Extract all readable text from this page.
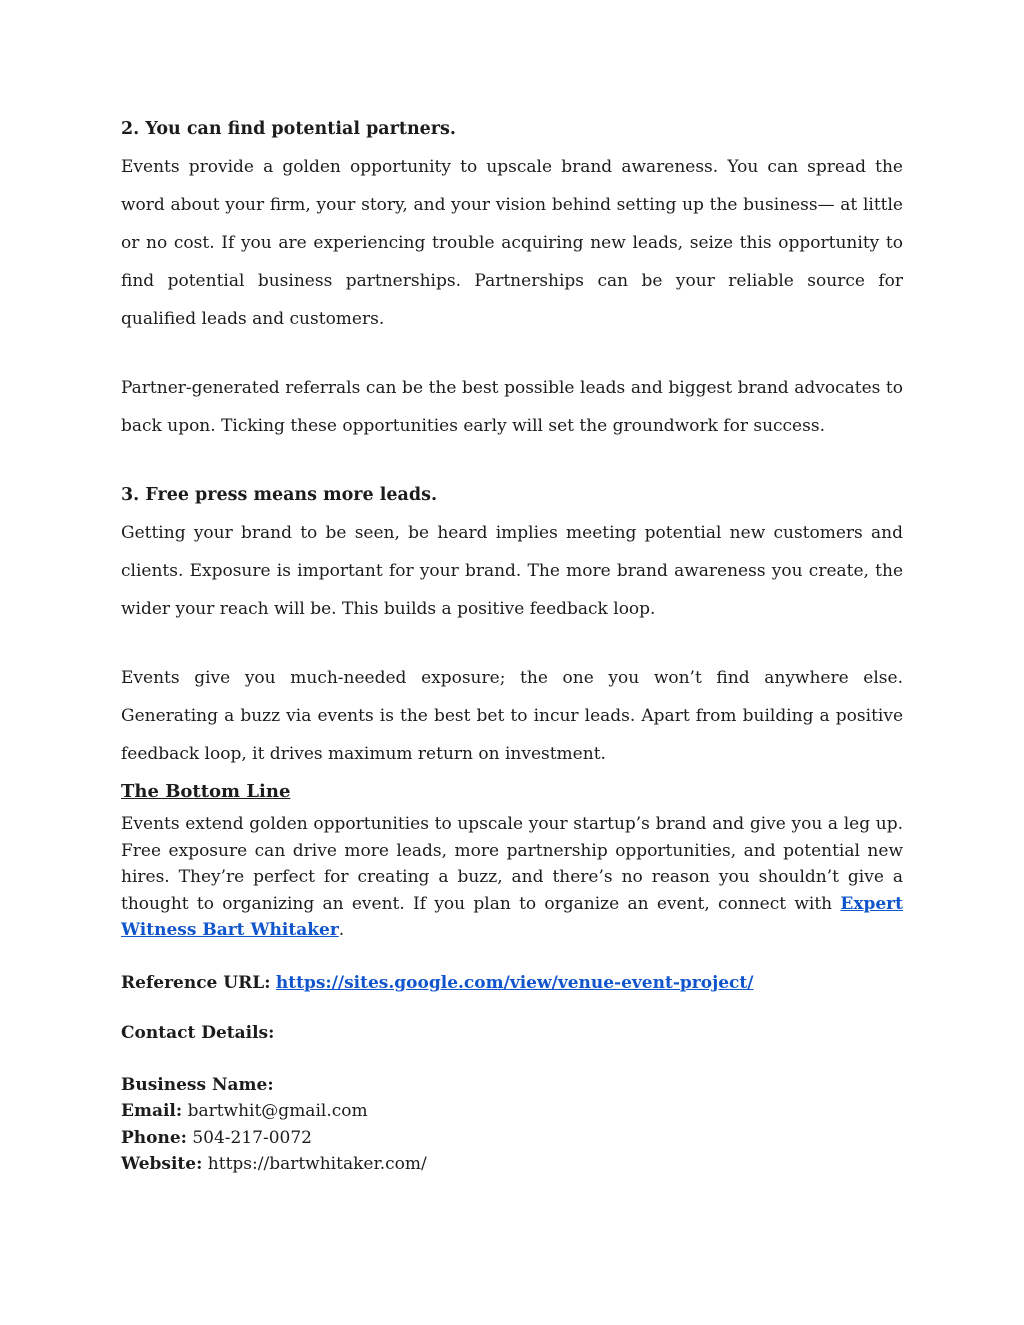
2. You can find potential partners.

Events provide a golden opportunity to upscale brand awareness. You can spread the word about your firm, your story, and your vision behind setting up the business— at little or no cost. If you are experiencing trouble acquiring new leads, seize this opportunity to find potential business partnerships. Partnerships can be your reliable source for qualified leads and customers.

Partner-generated referrals can be the best possible leads and biggest brand advocates to back upon. Ticking these opportunities early will set the groundwork for success.

3. Free press means more leads.

Getting your brand to be seen, be heard implies meeting potential new customers and clients. Exposure is important for your brand. The more brand awareness you create, the wider your reach will be. This builds a positive feedback loop.

Events give you much-needed exposure; the one you won’t find anywhere else. Generating a buzz via events is the best bet to incur leads. Apart from building a positive feedback loop, it drives maximum return on investment.

The Bottom Line

Events extend golden opportunities to upscale your startup’s brand and give you a leg up. Free exposure can drive more leads, more partnership opportunities, and potential new hires. They’re perfect for creating a buzz, and there’s no reason you shouldn’t give a thought to organizing an event. If you plan to organize an event, connect with Expert Witness Bart Whitaker.

Reference URL: https://sites.google.com/view/venue-event-project/

Contact Details:

Business Name:

Email: bartwhit@gmail.com

Phone: 504-217-0072

Website: https://bartwhitaker.com/
